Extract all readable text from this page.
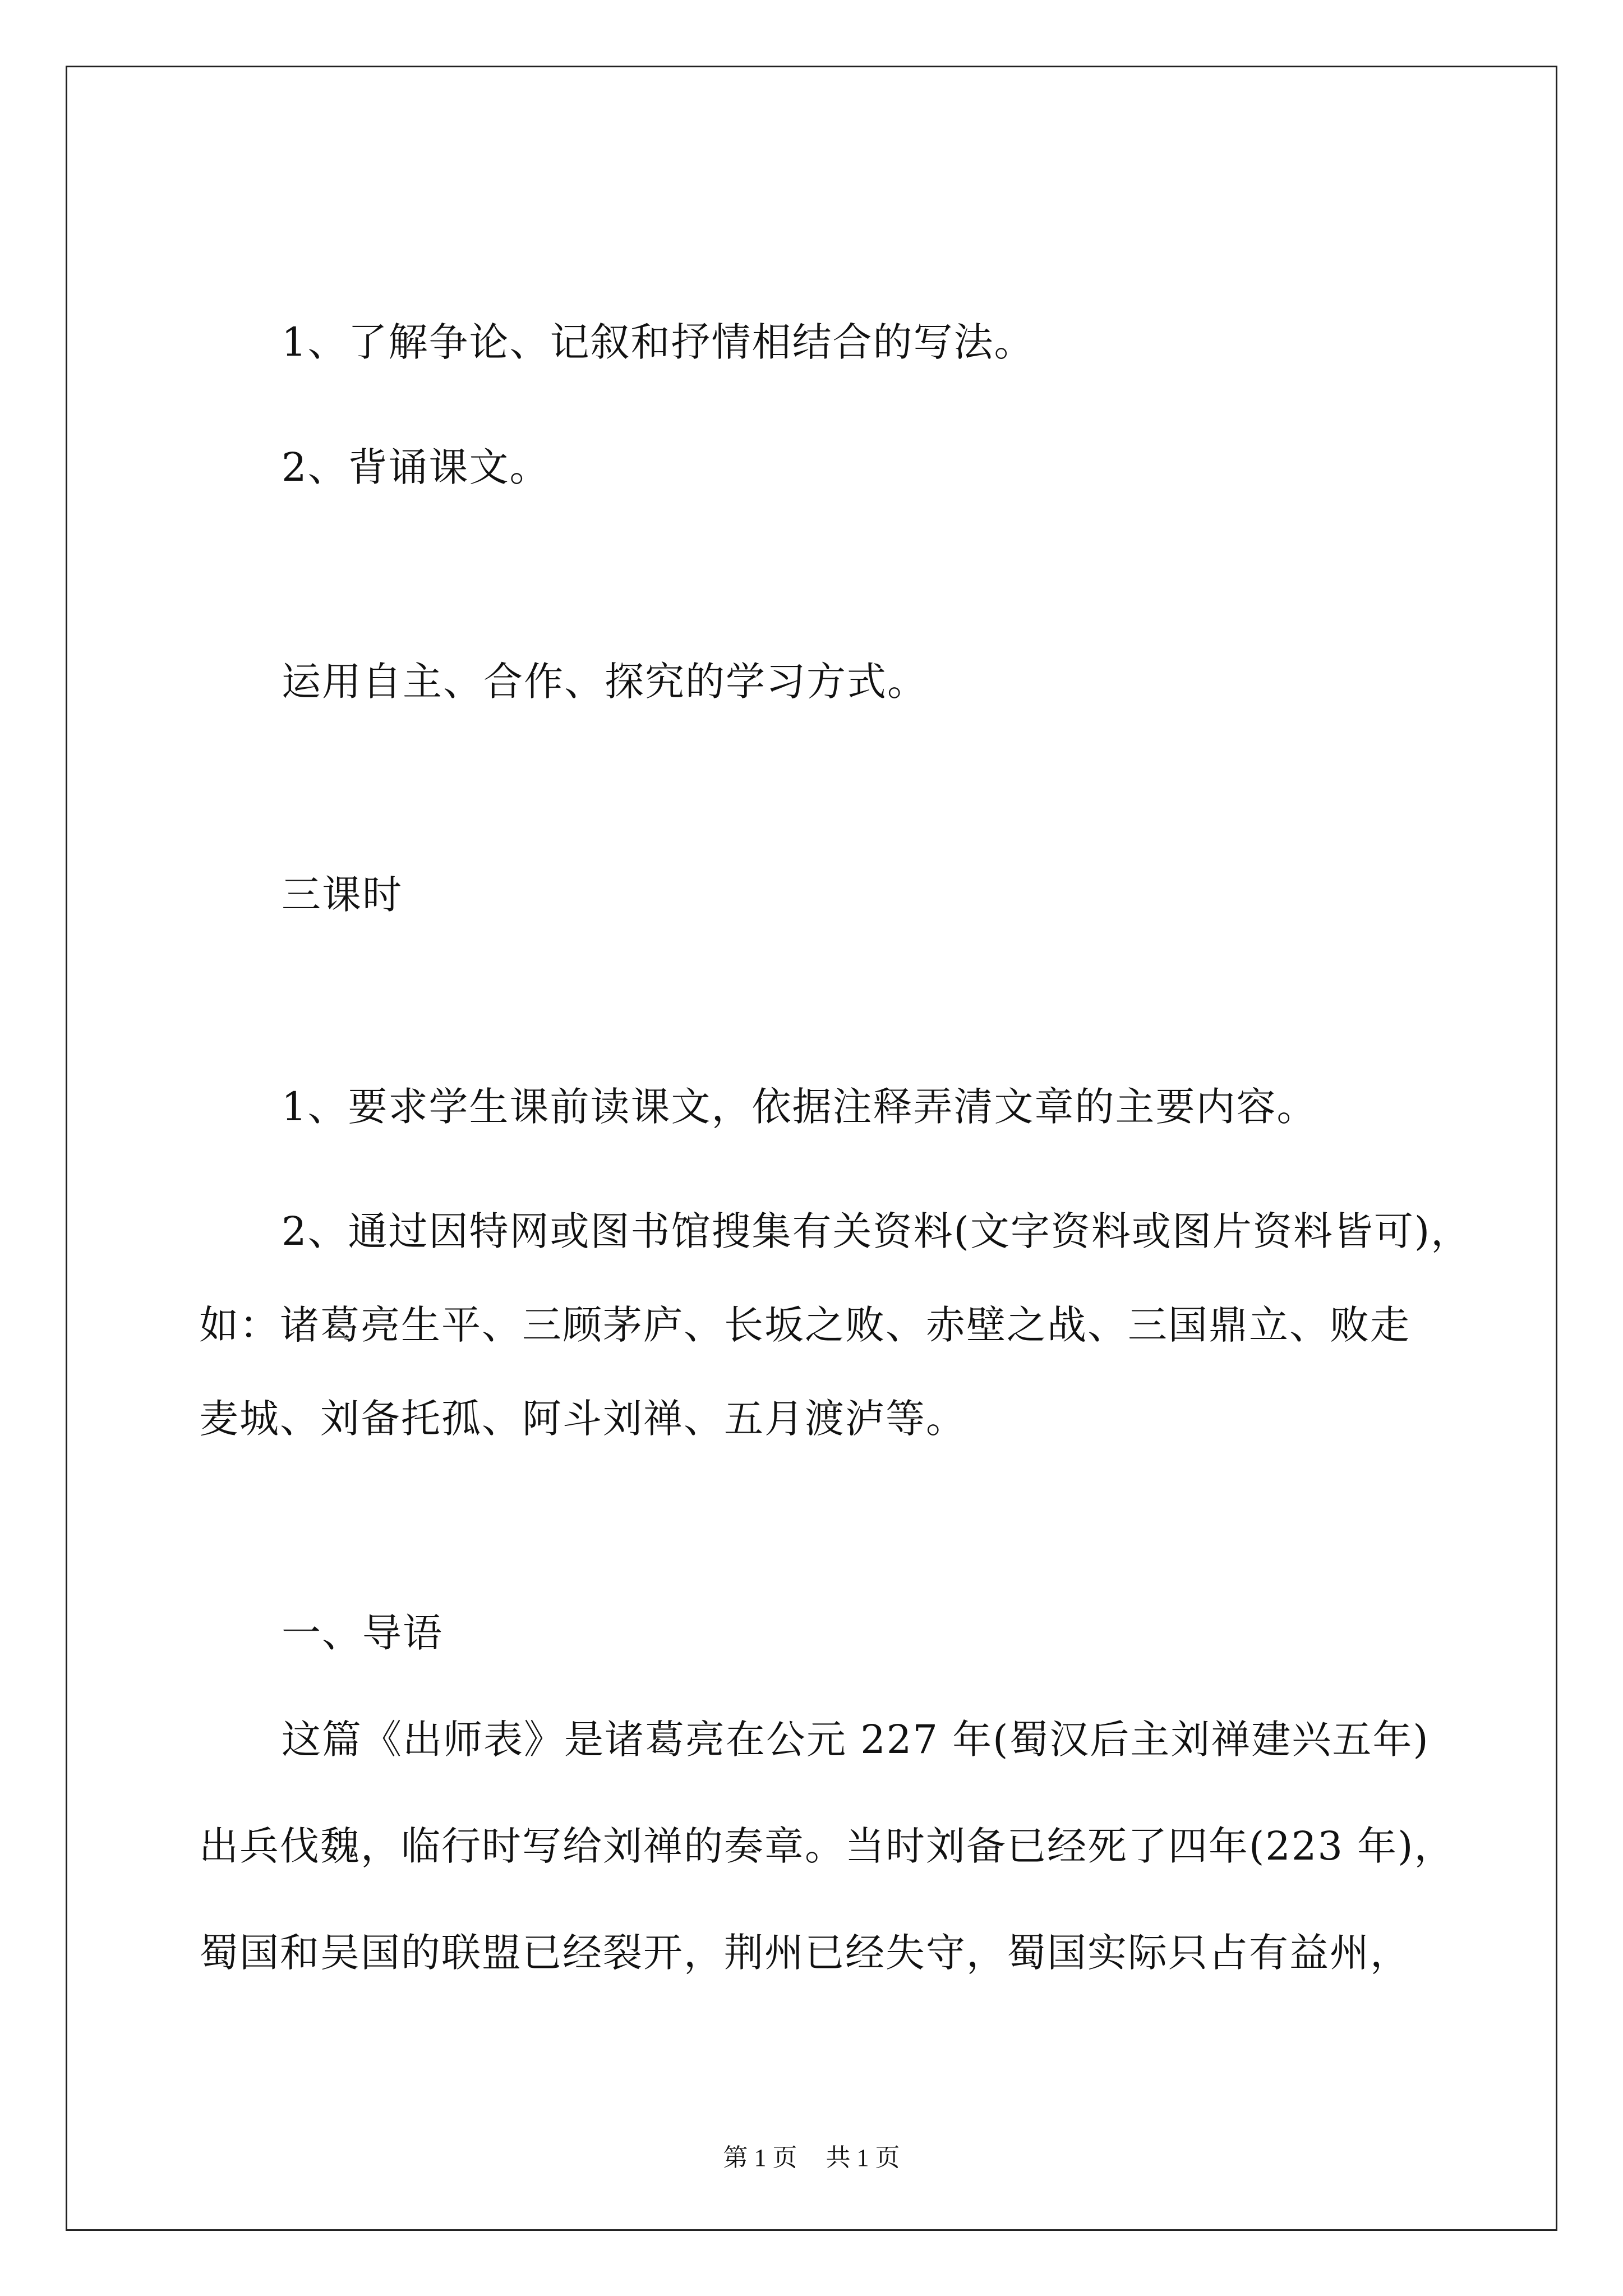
1、了解争论、记叙和抒情相结合的写法。
2、背诵课文。
运用自主、合作、探究的学习方式。
三课时
1、要求学生课前读课文，依据注释弄清文章的主要内容。
2、通过因特网或图书馆搜集有关资料(文字资料或图片资料皆可)，
如：诸葛亮生平、三顾茅庐、长坂之败、赤壁之战、三国鼎立、败走
麦城、刘备托孤、阿斗刘禅、五月渡泸等。
一、导语
这篇《出师表》是诸葛亮在公元 227 年(蜀汉后主刘禅建兴五年)
出兵伐魏，临行时写给刘禅的奏章。当时刘备已经死了四年(223 年)，
蜀国和吴国的联盟已经裂开，荆州已经失守，蜀国实际只占有益州，
第 1 页 共 1 页
